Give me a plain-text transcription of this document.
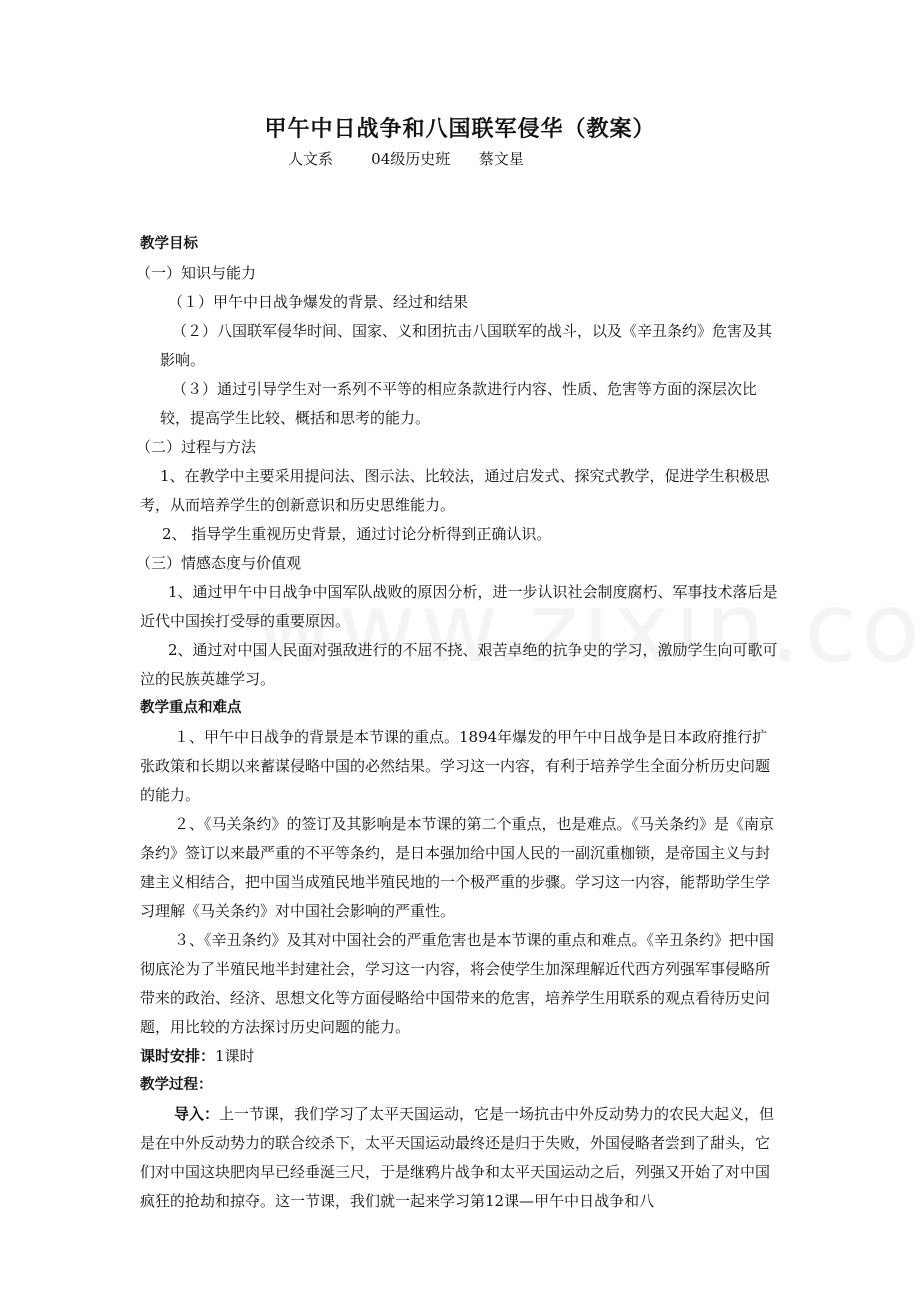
甲午中日战争和八国联军侵华（教案）
人文系        04级历史班      蔡文星

教学目标

（一）知识与能力

（１）甲午中日战争爆发的背景、经过和结果

（２）八国联军侵华时间、国家、义和团抗击八国联军的战斗，以及《辛丑条约》危害及其影响。

（３）通过引导学生对一系列不平等的相应条款进行内容、性质、危害等方面的深层次比较，提高学生比较、概括和思考的能力。

（二）过程与方法

1、在教学中主要采用提问法、图示法、比较法，通过启发式、探究式教学，促进学生积极思考，从而培养学生的创新意识和历史思维能力。

2、 指导学生重视历史背景，通过讨论分析得到正确认识。

（三）情感态度与价值观

1、通过甲午中日战争中国军队战败的原因分析，进一步认识社会制度腐朽、军事技术落后是近代中国挨打受辱的重要原因。

2、通过对中国人民面对强敌进行的不屈不挠、艰苦卓绝的抗争史的学习，激励学生向可歌可泣的民族英雄学习。

教学重点和难点

１、甲午中日战争的背景是本节课的重点。1894年爆发的甲午中日战争是日本政府推行扩张政策和长期以来蓄谋侵略中国的必然结果。学习这一内容，有利于培养学生全面分析历史问题的能力。

２、《马关条约》的签订及其影响是本节课的第二个重点，也是难点。《马关条约》是《南京条约》签订以来最严重的不平等条约，是日本强加给中国人民的一副沉重枷锁，是帝国主义与封建主义相结合，把中国当成殖民地半殖民地的一个极严重的步骤。学习这一内容，能帮助学生学习理解《马关条约》对中国社会影响的严重性。

３、《辛丑条约》及其对中国社会的严重危害也是本节课的重点和难点。《辛丑条约》把中国彻底沦为了半殖民地半封建社会，学习这一内容，将会使学生加深理解近代西方列强军事侵略所带来的政治、经济、思想文化等方面侵略给中国带来的危害，培养学生用联系的观点看待历史问题，用比较的方法探讨历史问题的能力。

课时安排：1课时

教学过程：

导入：上一节课，我们学习了太平天国运动，它是一场抗击中外反动势力的农民大起义，但是在中外反动势力的联合绞杀下，太平天国运动最终还是归于失败，外国侵略者尝到了甜头，它们对中国这块肥肉早已经垂涎三尺，于是继鸦片战争和太平天国运动之后，列强又开始了对中国疯狂的抢劫和掠夺。这一节课，我们就一起来学习第12课—甲午中日战争和八
